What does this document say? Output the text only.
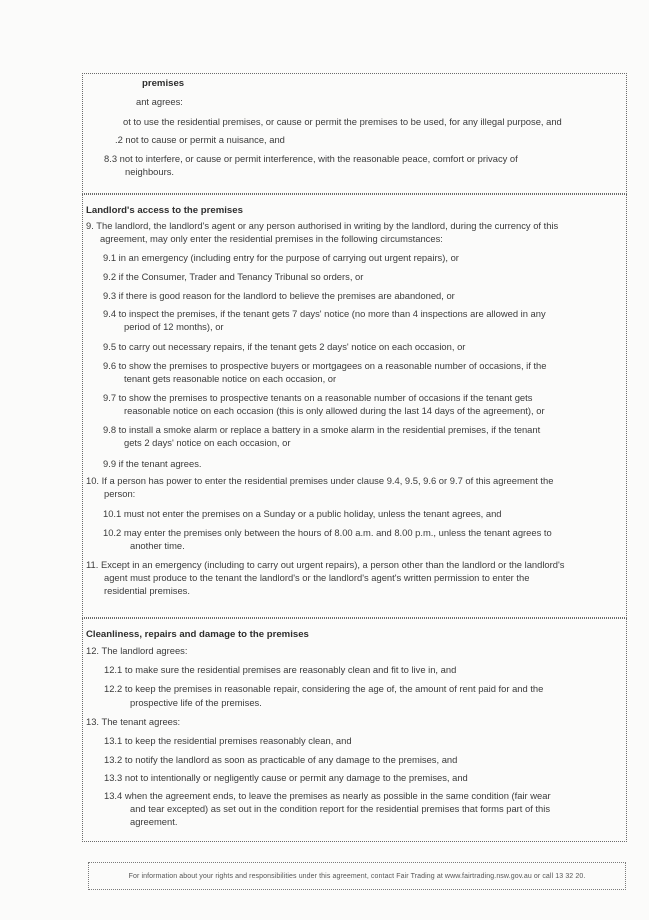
premises
ant agrees:
ot to use the residential premises, or cause or permit the premises to be used, for any illegal purpose, and
.2 not to cause or permit a nuisance, and
8.3 not to interfere, or cause or permit interference, with the reasonable peace, comfort or privacy of
neighbours.
Landlord's access to the premises
9. The landlord, the landlord's agent or any person authorised in writing by the landlord, during the currency of this
agreement, may only enter the residential premises in the following circumstances:
9.1 in an emergency (including entry for the purpose of carrying out urgent repairs), or
9.2 if the Consumer, Trader and Tenancy Tribunal so orders, or
9.3 if there is good reason for the landlord to believe the premises are abandoned, or
9.4 to inspect the premises, if the tenant gets 7 days' notice (no more than 4 inspections are allowed in any
period of 12 months), or
9.5 to carry out necessary repairs, if the tenant gets 2 days' notice on each occasion, or
9.6 to show the premises to prospective buyers or mortgagees on a reasonable number of occasions, if the
tenant gets reasonable notice on each occasion, or
9.7 to show the premises to prospective tenants on a reasonable number of occasions if the tenant gets
reasonable notice on each occasion (this is only allowed during the last 14 days of the agreement), or
9.8 to install a smoke alarm or replace a battery in a smoke alarm in the residential premises, if the tenant
gets 2 days' notice on each occasion, or
9.9 if the tenant agrees.
10. If a person has power to enter the residential premises under clause 9.4, 9.5, 9.6 or 9.7 of this agreement the
person:
10.1 must not enter the premises on a Sunday or a public holiday, unless the tenant agrees, and
10.2 may enter the premises only between the hours of 8.00 a.m. and 8.00 p.m., unless the tenant agrees to
another time.
11. Except in an emergency (including to carry out urgent repairs), a person other than the landlord or the landlord's
agent must produce to the tenant the landlord's or the landlord's agent's written permission to enter the
residential premises.
Cleanliness, repairs and damage to the premises
12. The landlord agrees:
12.1 to make sure the residential premises are reasonably clean and fit to live in, and
12.2 to keep the premises in reasonable repair, considering the age of, the amount of rent paid for and the
prospective life of the premises.
13. The tenant agrees:
13.1 to keep the residential premises reasonably clean, and
13.2 to notify the landlord as soon as practicable of any damage to the premises, and
13.3 not to intentionally or negligently cause or permit any damage to the premises, and
13.4 when the agreement ends, to leave the premises as nearly as possible in the same condition (fair wear
and tear excepted) as set out in the condition report for the residential premises that forms part of this
agreement.
For information about your rights and responsibilities under this agreement, contact Fair Trading at www.fairtrading.nsw.gov.au or call 13 32 20.
